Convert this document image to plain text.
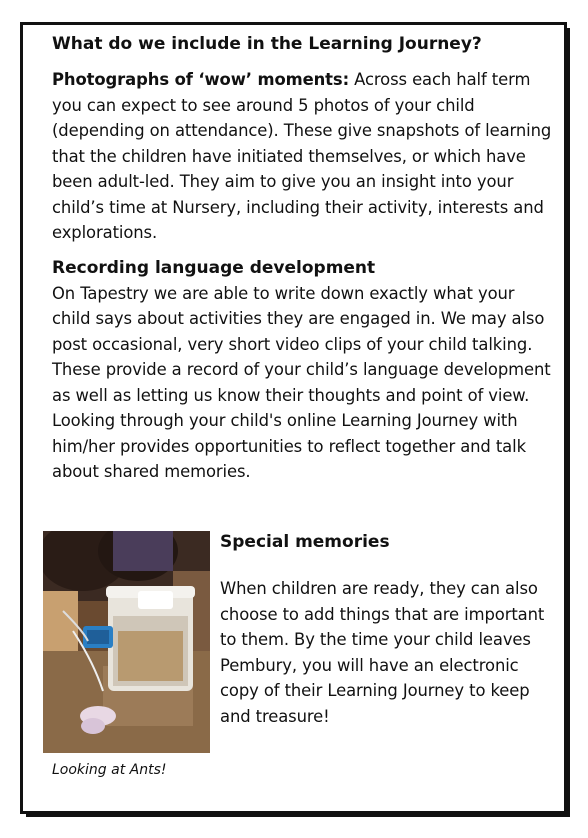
What do we include in the Learning Journey?

Photographs of ‘wow’ moments: Across each half term you can expect to see around 5 photos of your child (depending on attendance). These give snapshots of learning that the children have initiated themselves, or which have been adult-led. They aim to give you an insight into your child’s time at Nursery, including their activity, interests and explorations.

Recording language development

On Tapestry we are able to write down exactly what your child says about activities they are engaged in. We may also post occasional, very short video clips of your child talking. These provide a record of your child’s language development as well as letting us know their thoughts and point of view. Looking through your child's online Learning Journey with him/her provides opportunities to reflect together and talk about shared memories.

Looking at Ants!
Special memories

When children are ready, they can also choose to add things that are important to them. By the time your child leaves Pembury, you will have an electronic copy of their Learning Journey to keep and treasure!
